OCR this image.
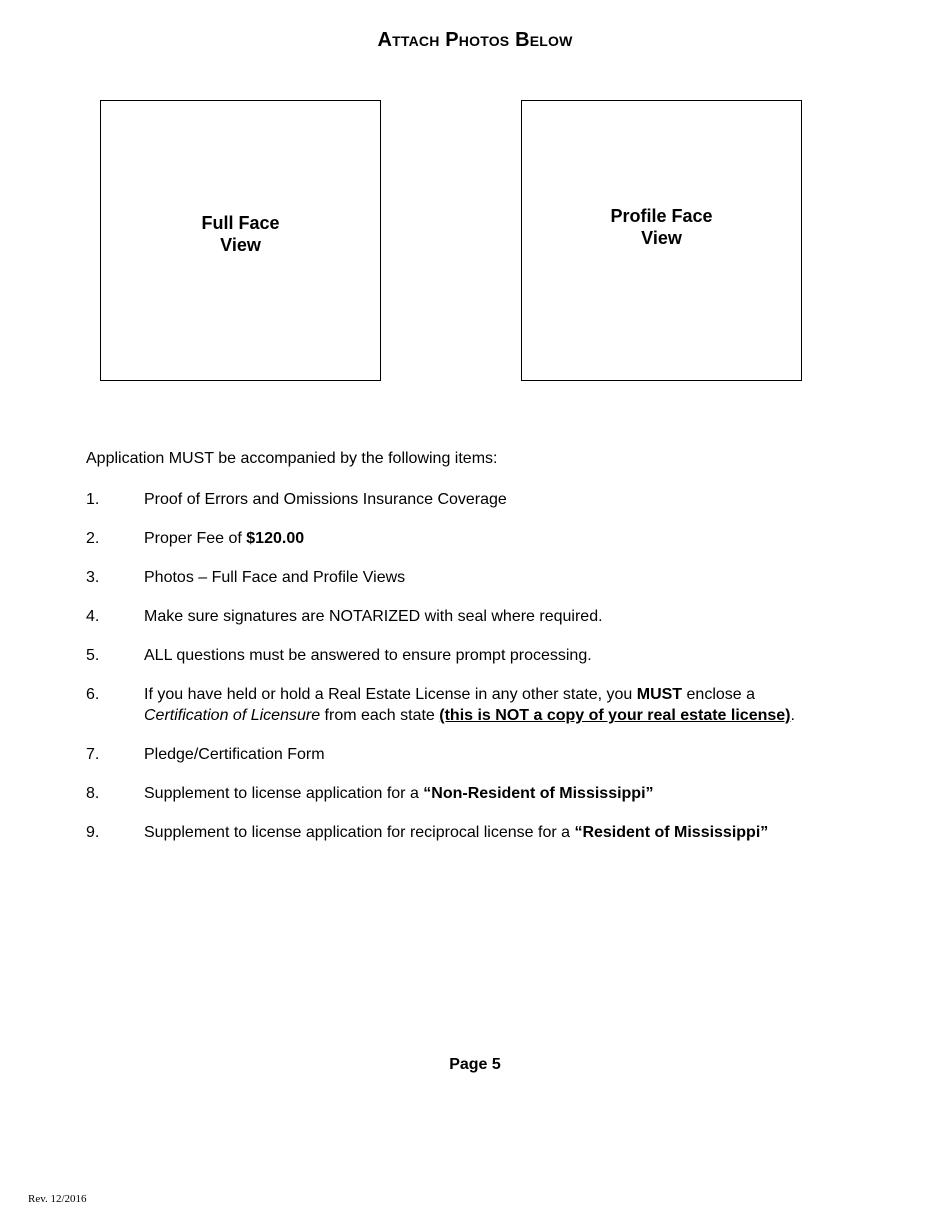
Attach Photos Below
Full Face
View
Profile Face
View
Application MUST be accompanied by the following items:
1.	Proof of Errors and Omissions Insurance Coverage
2.	Proper Fee of $120.00
3.	Photos – Full Face and Profile Views
4.	Make sure signatures are NOTARIZED with seal where required.
5.	ALL questions must be answered to ensure prompt processing.
6.	If you have held or hold a Real Estate License in any other state, you MUST enclose a
Certification of Licensure from each state (this is NOT a copy of your real estate license).
7.	Pledge/Certification Form
8.	Supplement to license application for a “Non-Resident of Mississippi”
9.	Supplement to license application for reciprocal license for a “Resident of Mississippi”
Page 5
Rev. 12/2016
